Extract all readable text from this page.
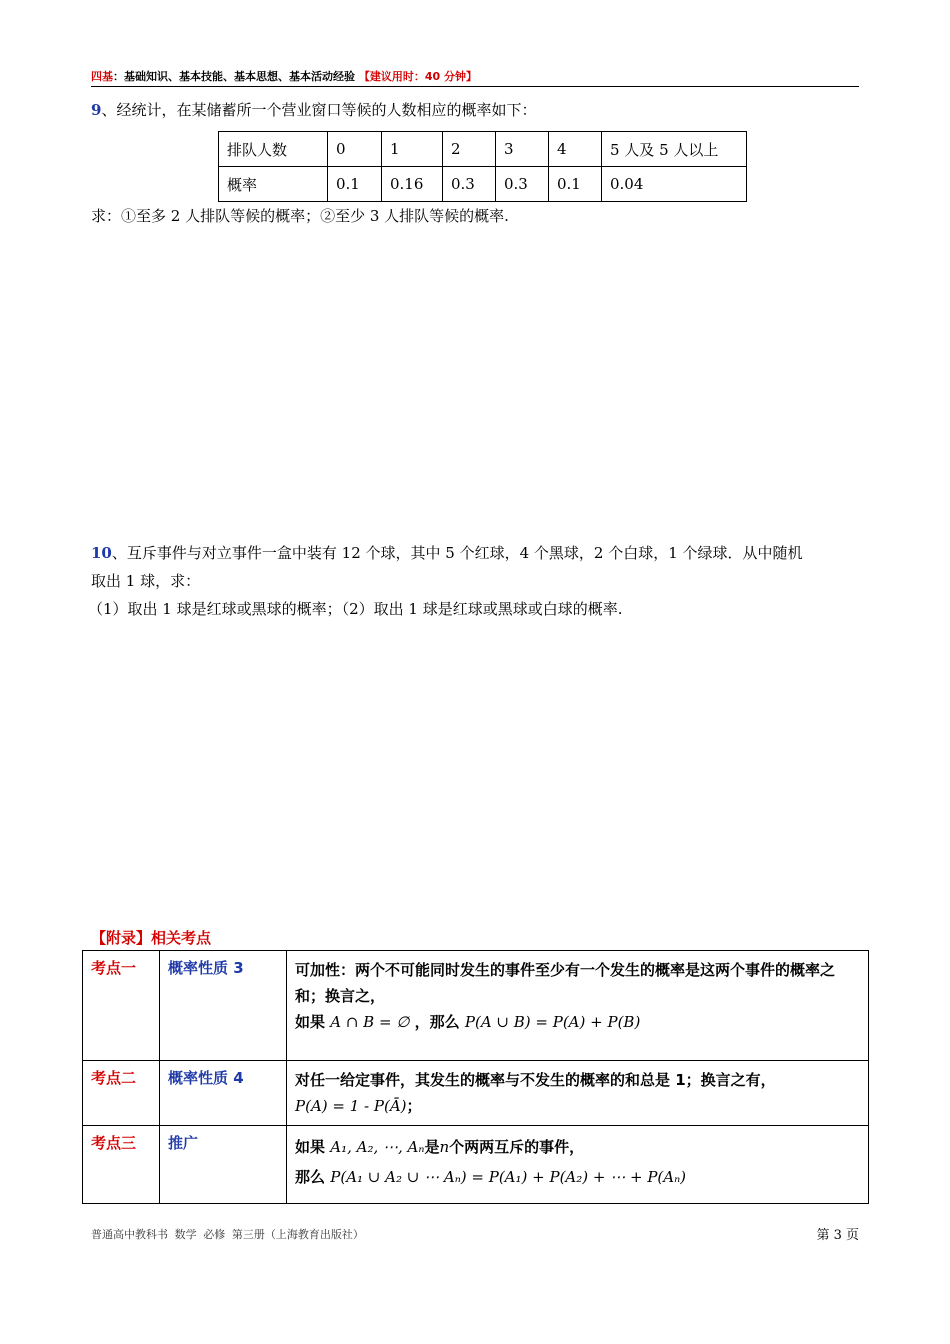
四基：基础知识、基本技能、基本思想、基本活动经验 【建议用时：40 分钟】
9、经统计，在某储蓄所一个营业窗口等候的人数相应的概率如下：
排队人数	0	1	2	3	4	5 人及 5 人以上
概率	0.1	0.16	0.3	0.3	0.1	0.04
求：①至多 2 人排队等候的概率；②至少 3 人排队等候的概率.
10、互斥事件与对立事件一盒中装有 12 个球，其中 5 个红球，4 个黑球，2 个白球，1 个绿球．从中随机
取出 1 球，求：
（1）取出 1 球是红球或黑球的概率；（2）取出 1 球是红球或黑球或白球的概率.
【附录】相关考点
考点一	概率性质 3	可加性：两个不可能同时发生的事件至少有一个发生的概率是这两个事件的概率之和；换言之，
如果 A ∩ B = ∅ ，那么 P(A ∪ B) = P(A) + P(B)

考点二	概率性质 4	对任一给定事件，其发生的概率与不发生的概率的和总是 1；换言之有，
P(A) = 1 - P(Ā)；

考点三	推广	如果 A₁, A₂, ⋯, Aₙ是n个两两互斥的事件，
那么 P(A₁ ∪ A₂ ∪ ⋯ Aₙ) = P(A₁) + P(A₂) + ⋯ + P(Aₙ)
普通高中教科书 数学 必修 第三册（上海教育出版社）	第 3 页
